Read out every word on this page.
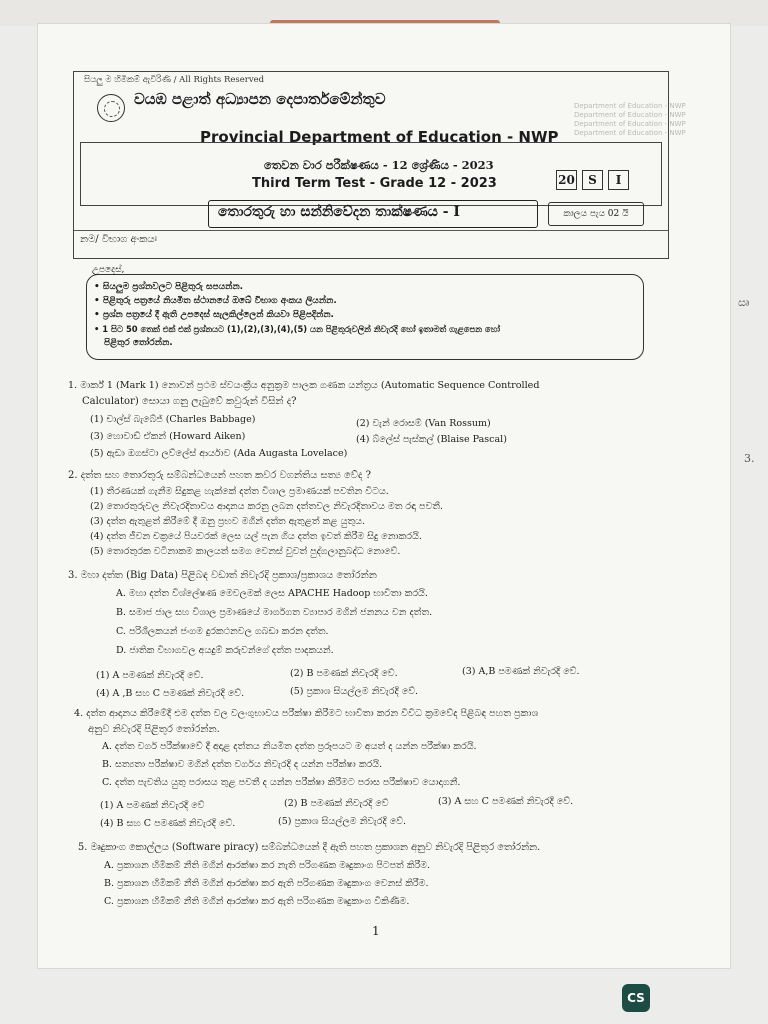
ඍ
3.
සියලු ම හිමිකම් ඇවිරිණි / All Rights Reserved
වයඹ පළාත් අධ්‍යාපන දෙපාර්තමේන්තුව
Provincial Department of Education - NWP
Department of Education - NWP
Department of Education - NWP
Department of Education - NWP
Department of Education - NWP
තෙවන වාර පරීක්ෂණය - 12 ශ්‍රේණිය - 2023
Third Term Test - Grade 12 - 2023	20	S	I
තොරතුරු හා සන්නිවේදන තාක්ෂණය - I	කාලය පැය 02 යි
නම/ විභාග අංකයඃ
උපදෙස්,
• සියලුම ප්‍රශ්නවලට පිළිතුරු සපයන්න.
• පිළිතුරු පත්‍රයේ නියමිත ස්ථානයේ ඔබේ විභාග අංකය ලියන්න.
• ප්‍රශ්න පත්‍රයේ දී ඇති උපදෙස් සැලකිල්ලෙන් කියවා පිළිපදින්න.
• 1 සිට 50 තෙක් එක් එක් ප්‍රශ්නයට (1),(2),(3),(4),(5) යන පිළිතුරුවලින් නිවැරදි හෝ ඉතාමත් ගැළපෙන හෝ
පිළිතුර තෝරන්න.
1. මාර්ක් 1 (Mark 1) නොවන් ප්‍රථම ස්වයංක්‍රීය අනුක්‍රම පාලක ගණක යන්ත්‍රය (Automatic Sequence Controlled
Calculator) සොයා ගනු ලැබුවේ කවුරුන් විසින් ද?
(1) චාල්ස් බැබේජ් (Charles Babbage)	(2) වැන් රොසම් (Van Rossum)
(3) හොවාඩ් ඒකන් (Howard Aiken)	(4) බ්ලේස් පැස්කල් (Blaise Pascal)
(5) ඇඩා ඔගස්ටා ලව්ලේස් ආර්යාව (Ada Augasta Lovelace)
2. දත්ත සහ තොරතුරු සම්බන්ධයෙන් පහත කවර වගන්තිය සත්‍ය වේද ?
(1) තීරණයක් ගැනීම සිදුකළ හැක්කේ දත්ත විශාල ප්‍රමාණයක් පවතින විටය.
(2) තොරතුරුවල නිවැරදිතාවය ආදානය කරනු ලබන දත්තවල නිවැරදිතාවය මත රඳා පවතී.
(3) දත්ත ඇතුළත් කිරීමේ දී ඔනු ප්‍රභව මගින් දත්ත ඇතුළත් කළ යුතුය.
(4) දත්ත ජීවන චක්‍රයේ පියවරක් ලෙස යල් පැන ගිය දත්ත ඉවත් කිරීම සිදු නොකරයි.
(5) තොරතුරක වටිනාකම කාලයත් සමග වෙනස් වුවත් පුද්ගලානුබද්ධ නොවේ.
3. මහා දත්ත (Big Data) පිළිබඳ වඩාත් නිවැරදි ප්‍රකාශ/ප්‍රකාශය තෝරන්න
A. මහා දත්ත විශ්ලේෂණ මෙවලමක් ලෙස APACHE Hadoop භාවිතා කරයි.
B. සමාජ ජාල සහ විශාල ප්‍රමාණයේ මාර්ගගත ව්‍යාපාර මගින් ජනනය වන දත්ත.
C. පරිශීලකයන් ජංගම දුරකථනවල ගබඩා කරන දත්ත.
D. ජාතික විභාගවල අයදුම් කරුවන්ගේ දත්ත පාදකයන්.
(1) A පමණක් නිවැරදි වේ.	(2) B පමණක් නිවැරදි වේ.	(3) A,B පමණක් නිවැරදි වේ.
(4) A ,B සහ C පමණක් නිවැරදි වේ.	(5) ප්‍රකාශ සියල්ලම නිවැරදි වේ.
4. දත්ත ආදානය කිරීමේදී එම දත්ත වල වලංගුභාවය පරීක්ෂා කිරීමට භාවිතා කරන විවිධ ක්‍රමවේද පිළිබඳ පහත ප්‍රකාශ
අනුව නිවැරදි පිළිතුර තෝරන්න.
A. දත්ත වර්ග පරීක්ෂාවේ දී අදාළ දත්තය නියමිත දත්ත ප්‍රරූපයට ම අයත් ද යන්න පරීක්ෂා කරයි.
B. සත්‍යතා පරීක්ෂාව මගින් දත්ත වර්ගය නිවැරදි ද යන්න පරීක්ෂා කරයි.
C. දත්ත පැවතිය යුතු පරාසය තුළ පවතී ද යන්න පරීක්ෂා කිරීමට පරාස පරීක්ෂාව යොදාගනී.
(1) A පමණක් නිවැරදි වේ	(2) B පමණක් නිවැරදි වේ	(3) A සහ C පමණක් නිවැරදි වේ.
(4) B සහ C පමණක් නිවැරදි වේ.	(5) ප්‍රකාශ සියල්ලම නිවැරදි වේ.
5. මෘදුකාංග කොල්ලය (Software piracy) සම්බන්ධයෙන් දී ඇති පහත ප්‍රකාශන අනුව නිවැරදි පිළිතුර තෝරන්න.
A. ප්‍රකාශන හිමිකම් නීති මගින් ආරක්ෂා කර නැති පරිගණක මෘදුකාංග පිටපත් කිරීම.
B. ප්‍රකාශන හිමිකම් නීති මගින් ආරක්ෂා කර ඇති පරිගණක මෘදුකාංග වෙනස් කිරීම.
C. ප්‍රකාශන හිමිකම් නීති මගින් ආරක්ෂා කර ඇති පරිගණක මෘදුකාංග විකිණීම.
1
CS
